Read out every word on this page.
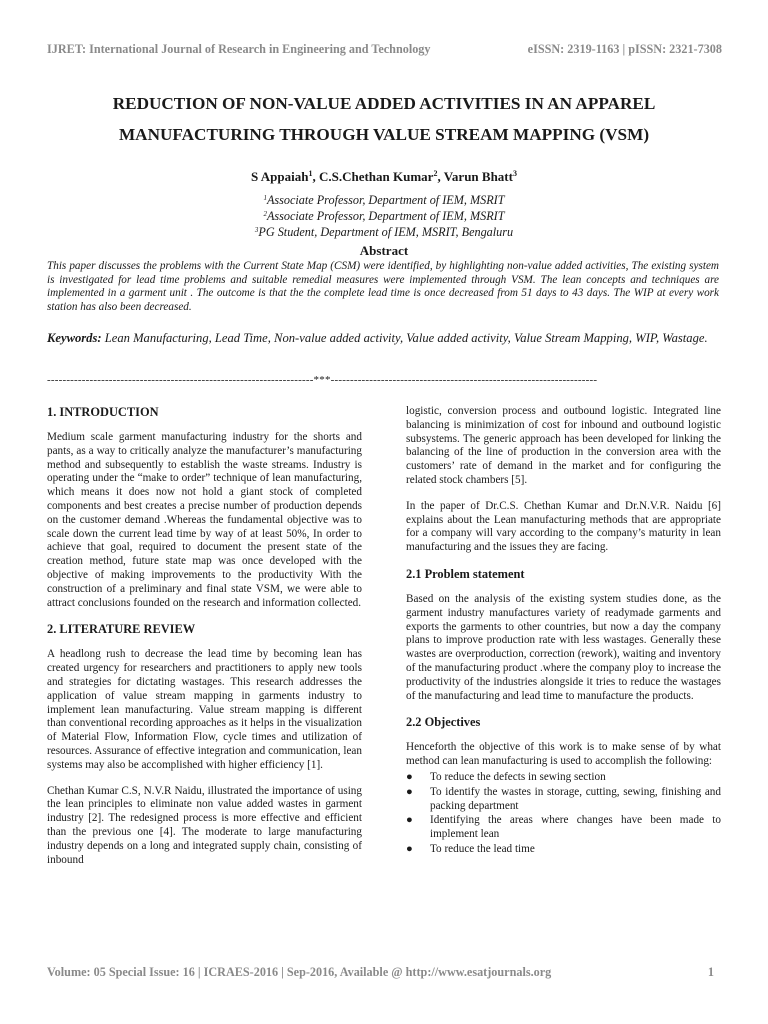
IJRET: International Journal of Research in Engineering and Technology	eISSN: 2319-1163 | pISSN: 2321-7308
REDUCTION OF NON-VALUE ADDED ACTIVITIES IN AN APPAREL
MANUFACTURING THROUGH VALUE STREAM MAPPING (VSM)
S Appaiah$^1$, C.S.Chethan Kumar$^2$, Varun Bhatt$^3$
$^1$Associate Professor, Department of IEM, MSRIT
$^2$Associate Professor, Department of IEM, MSRIT
$^3$PG Student, Department of IEM, MSRIT, Bengaluru
Abstract
This paper discusses the problems with the Current State Map (CSM) were identified, by highlighting non-value added activities, The existing system is investigated for lead time problems and suitable remedial measures were implemented through VSM. The lean concepts and techniques are implemented in a garment unit . The outcome is that the the complete lead time is once decreased from 51 days to 43 days. The WIP at every work station has also been decreased.
Keywords: Lean Manufacturing, Lead Time, Non-value added activity, Value added activity, Value Stream Mapping, WIP, Wastage.
---------------------------------------------------------------------***---------------------------------------------------------------------
1. INTRODUCTION

Medium scale garment manufacturing industry for the shorts and pants, as a way to critically analyze the manufacturer’s manufacturing method and subsequently to establish the waste streams. Industry is operating under the “make to order” technique of lean manufacturing, which means it does now not hold a giant stock of completed components and best creates a precise number of production depends on the customer demand .Whereas the fundamental objective was to scale down the current lead time by way of at least 50%, In order to achieve that goal, required to document the present state of the creation method, future state map was once developed with the objective of making improvements to the productivity With the construction of a preliminary and final state VSM, we were able to attract conclusions founded on the research and information collected.

2. LITERATURE REVIEW

A headlong rush to decrease the lead time by becoming lean has created urgency for researchers and practitioners to apply new tools and strategies for dictating wastages. This research addresses the application of value stream mapping in garments industry to implement lean manufacturing. Value stream mapping is different than conventional recording approaches as it helps in the visualization of Material Flow, Information Flow, cycle times and utilization of resources. Assurance of effective integration and communication, lean systems may also be accomplished with higher efficiency [1].

Chethan Kumar C.S, N.V.R Naidu, illustrated the importance of using the lean principles to eliminate non value added wastes in garment industry [2]. The redesigned process is more effective and efficient than the previous one [4]. The moderate to large manufacturing industry depends on a long and integrated supply chain, consisting of inbound

logistic, conversion process and outbound logistic. Integrated line balancing is minimization of cost for inbound and outbound logistic subsystems. The generic approach has been developed for linking the balancing of the line of production in the conversion area with the customers’ rate of demand in the market and for configuring the related stock chambers [5].

In the paper of Dr.C.S. Chethan Kumar and Dr.N.V.R. Naidu [6] explains about the Lean manufacturing methods that are appropriate for a company will vary according to the company’s maturity in lean manufacturing and the issues they are facing.

2.1 Problem statement

Based on the analysis of the existing system studies done, as the garment industry manufactures variety of readymade garments and exports the garments to other countries, but now a day the company plans to improve production rate with less wastages. Generally these wastes are overproduction, correction (rework), waiting and inventory of the manufacturing product .where the company ploy to increase the productivity of the industries alongside it tries to reduce the wastages of the manufacturing and lead time to manufacture the products.

2.2 Objectives

Henceforth the objective of this work is to make sense of by what method can lean manufacturing is used to accomplish the following:

● To reduce the defects in sewing section
● To identify the wastes in storage, cutting, sewing, finishing and packing department
● Identifying the areas where changes have been made to implement lean
● To reduce the lead time
Volume: 05 Special Issue: 16 | ICRAES-2016 | Sep-2016, Available @ http://www.esatjournals.org	1
